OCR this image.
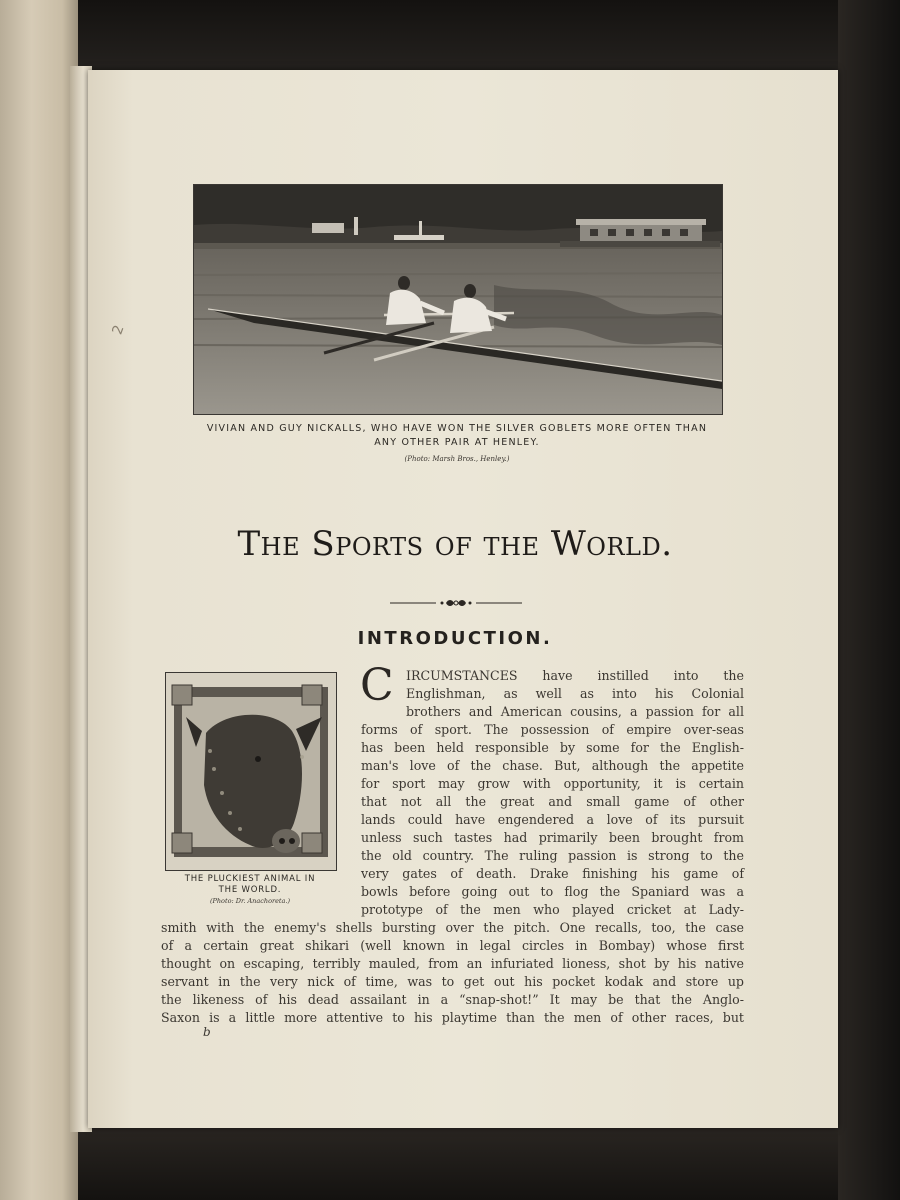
2
VIVIAN AND GUY NICKALLS, WHO HAVE WON THE SILVER GOBLETS MORE OFTEN THAN
ANY OTHER PAIR AT HENLEY.
(Photo: Marsh Bros., Henley.)
The Sports of the World.
INTRODUCTION.
THE PLUCKIEST ANIMAL IN
THE WORLD.
(Photo: Dr. Anachoreta.)
C IRCUMSTANCES have instilled into the
Englishman, as well as into his Colonial
brothers and American cousins, a passion for all
forms of sport. The possession of empire over-seas
has been held responsible by some for the English-
man's love of the chase. But, although the appetite
for sport may grow with opportunity, it is certain
that not all the great and small game of other
lands could have engendered a love of its pursuit
unless such tastes had primarily been brought from
the old country. The ruling passion is strong to the
very gates of death. Drake finishing his game of
bowls before going out to flog the Spaniard was a
prototype of the men who played cricket at Lady-
smith with the enemy's shells bursting over the pitch. One recalls, too, the case
of a certain great shikari (well known in legal circles in Bombay) whose first
thought on escaping, terribly mauled, from an infuriated lioness, shot by his native
servant in the very nick of time, was to get out his pocket kodak and store up
the likeness of his dead assailant in a “snap-shot!” It may be that the Anglo-
Saxon is a little more attentive to his playtime than the men of other races, but
b
